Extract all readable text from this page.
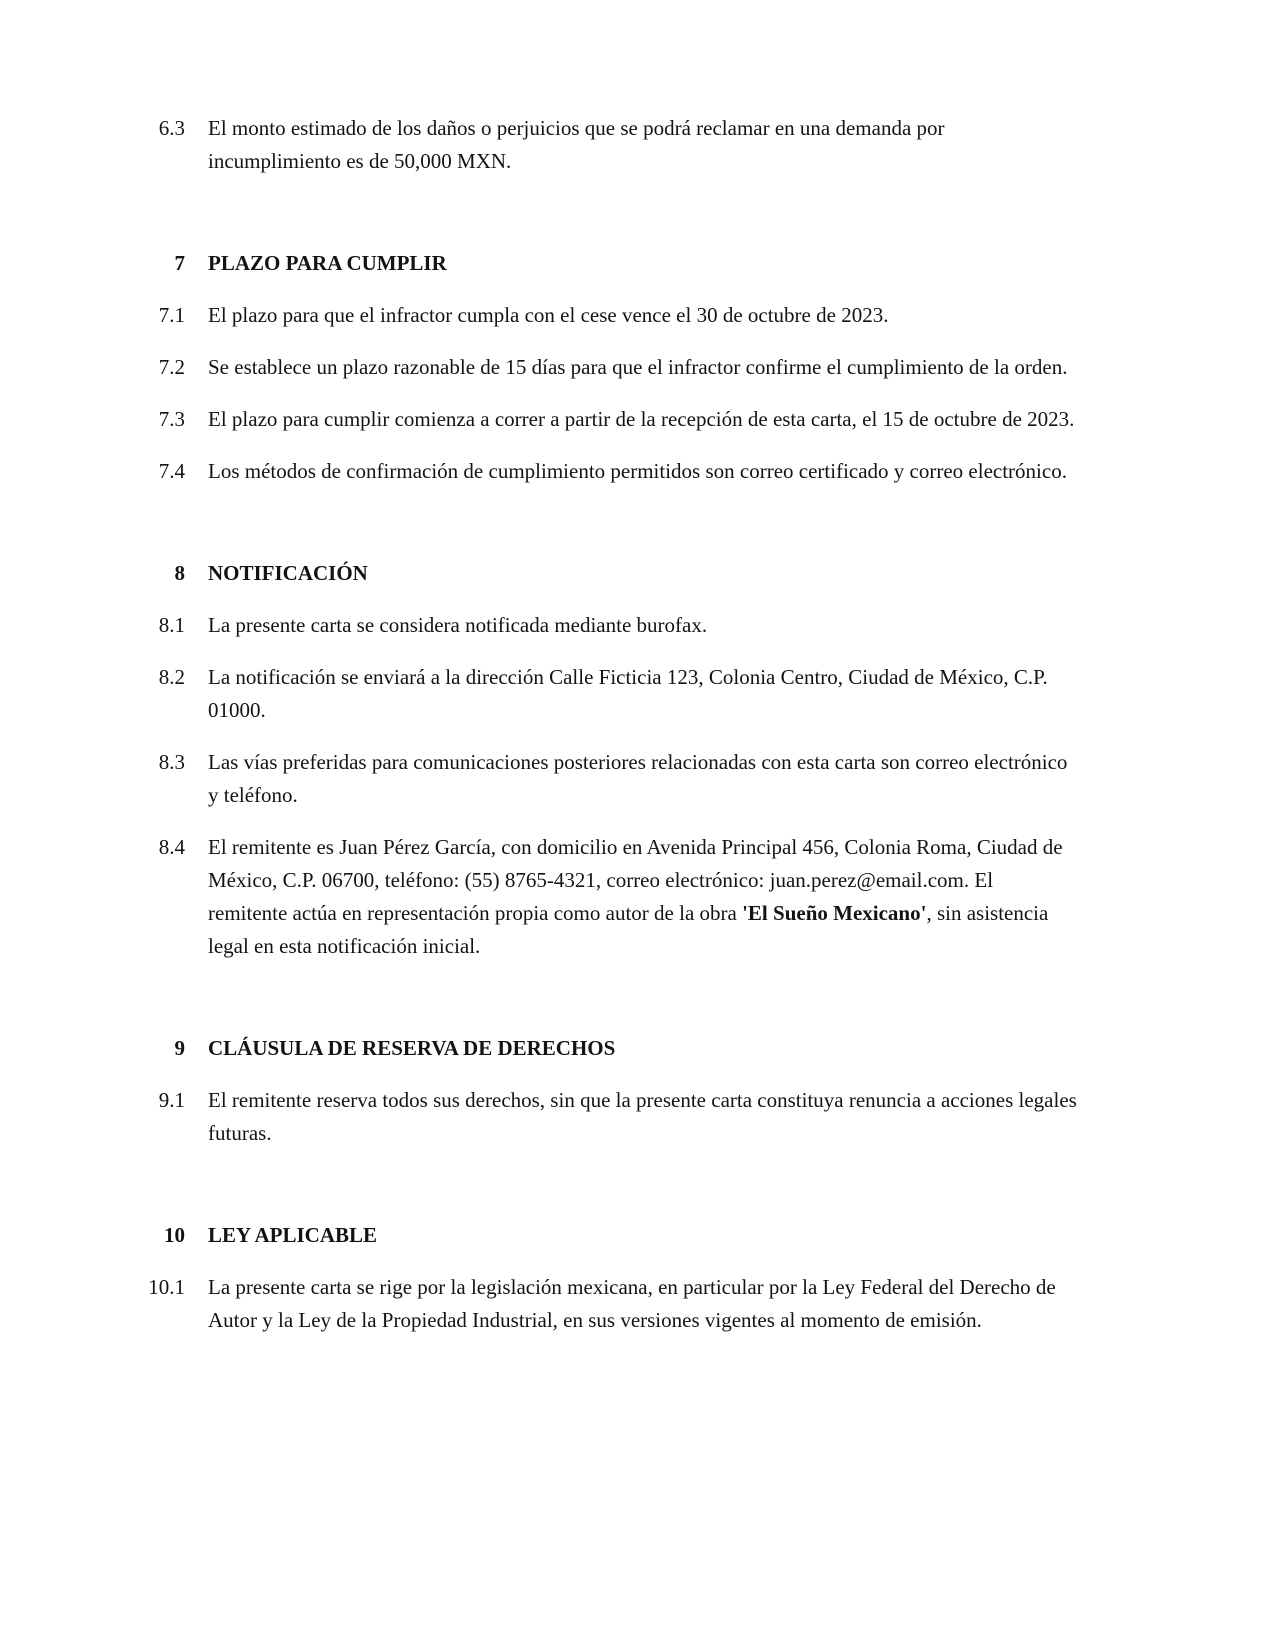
6.3 El monto estimado de los daños o perjuicios que se podrá reclamar en una demanda por incumplimiento es de 50,000 MXN.
7 PLAZO PARA CUMPLIR
7.1 El plazo para que el infractor cumpla con el cese vence el 30 de octubre de 2023.
7.2 Se establece un plazo razonable de 15 días para que el infractor confirme el cumplimiento de la orden.
7.3 El plazo para cumplir comienza a correr a partir de la recepción de esta carta, el 15 de octubre de 2023.
7.4 Los métodos de confirmación de cumplimiento permitidos son correo certificado y correo electrónico.
8 NOTIFICACIÓN
8.1 La presente carta se considera notificada mediante burofax.
8.2 La notificación se enviará a la dirección Calle Ficticia 123, Colonia Centro, Ciudad de México, C.P. 01000.
8.3 Las vías preferidas para comunicaciones posteriores relacionadas con esta carta son correo electrónico y teléfono.
8.4 El remitente es Juan Pérez García, con domicilio en Avenida Principal 456, Colonia Roma, Ciudad de México, C.P. 06700, teléfono: (55) 8765-4321, correo electrónico: juan.perez@email.com. El remitente actúa en representación propia como autor de la obra 'El Sueño Mexicano', sin asistencia legal en esta notificación inicial.
9 CLÁUSULA DE RESERVA DE DERECHOS
9.1 El remitente reserva todos sus derechos, sin que la presente carta constituya renuncia a acciones legales futuras.
10 LEY APLICABLE
10.1 La presente carta se rige por la legislación mexicana, en particular por la Ley Federal del Derecho de Autor y la Ley de la Propiedad Industrial, en sus versiones vigentes al momento de emisión.
